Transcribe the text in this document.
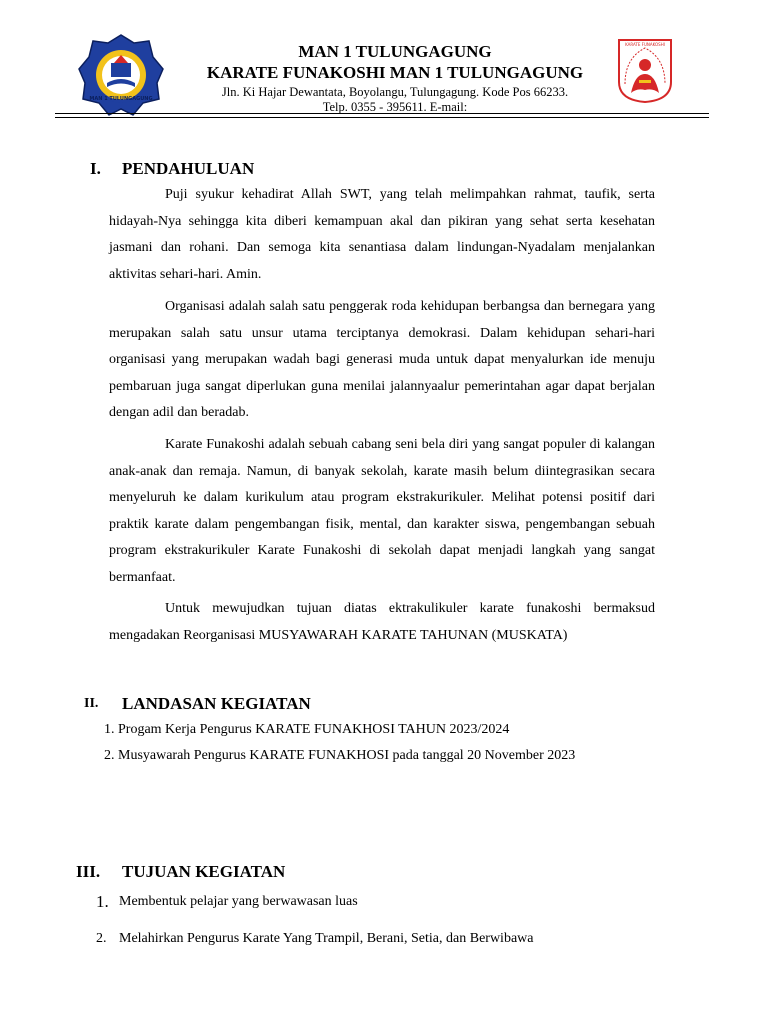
MAN 1 TULUNGAGUNG
KARATE FUNAKOSHI
MAN 1 TULUNGAGUNG
KARATE FUNAKOSHI MAN 1 TULUNGAGUNG
Jln. Ki Hajar Dewantata, Boyolangu, Tulungagung. Kode Pos 66233.
Telp. 0355 - 395611. E-mail:
I. PENDAHULUAN

Puji syukur kehadirat Allah SWT, yang telah melimpahkan rahmat, taufik, serta hidayah-Nya sehingga kita diberi kemampuan akal dan pikiran yang sehat serta kesehatan jasmani dan rohani. Dan semoga kita senantiasa dalam lindungan-Nyadalam menjalankan aktivitas sehari-hari. Amin.

Organisasi adalah salah satu penggerak roda kehidupan berbangsa dan bernegara yang merupakan salah satu unsur utama terciptanya demokrasi. Dalam kehidupan sehari-hari organisasi yang merupakan wadah bagi generasi muda untuk dapat menyalurkan ide menuju pembaruan juga sangat diperlukan guna menilai jalannyaalur pemerintahan agar dapat berjalan dengan adil dan beradab.

Karate Funakoshi adalah sebuah cabang seni bela diri yang sangat populer di kalangan anak-anak dan remaja. Namun, di banyak sekolah, karate masih belum diintegrasikan secara menyeluruh ke dalam kurikulum atau program ekstrakurikuler. Melihat potensi positif dari praktik karate dalam pengembangan fisik, mental, dan karakter siswa, pengembangan sebuah program ekstrakurikuler Karate Funakoshi di sekolah dapat menjadi langkah yang sangat bermanfaat.

Untuk mewujudkan tujuan diatas ektrakulikuler karate funakoshi bermaksud mengadakan Reorganisasi MUSYAWARAH KARATE TAHUNAN (MUSKATA)

II. LANDASAN KEGIATAN
1. Progam Kerja Pengurus KARATE FUNAKHOSI TAHUN 2023/2024
2. Musyawarah Pengurus KARATE FUNAKHOSI pada tanggal 20 November 2023
III. TUJUAN KEGIATAN
1. Membentuk pelajar yang berwawasan luas
2. Melahirkan Pengurus Karate Yang Trampil, Berani, Setia, dan Berwibawa
